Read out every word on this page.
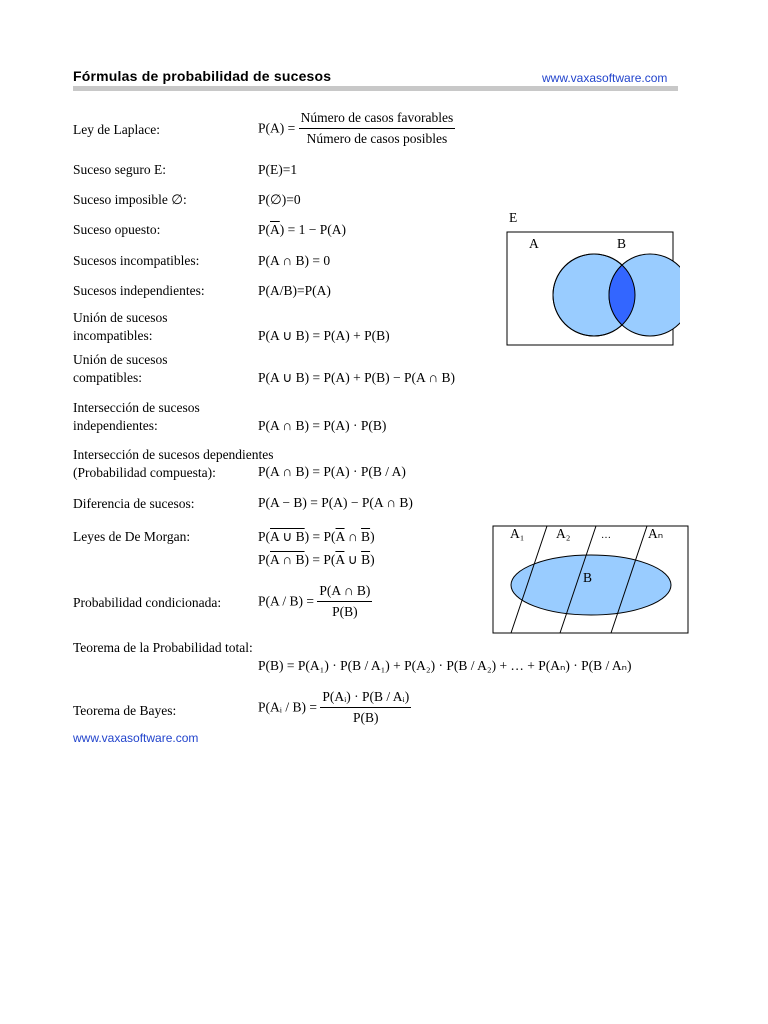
Fórmulas de probabilidad de sucesos	www.vaxasoftware.com
Ley de Laplace:	$P(A) = \frac{\text{Número de casos favorables}}{\text{Número de casos posibles}}$
Suceso seguro E:	P(E)=1
Suceso imposible ∅:	P(∅)=0
Suceso opuesto:	$P(\overline{A}) = 1 - P(A)$
Sucesos incompatibles:	P(A ∩ B) = 0
Sucesos independientes:	P(A/B)=P(A)
Unión de sucesos
incompatibles:	P(A ∪ B) = P(A) + P(B)
Unión de sucesos
compatibles:	P(A ∪ B) = P(A) + P(B) − P(A ∩ B)
Intersección de sucesos
independientes:	P(A ∩ B) = P(A) · P(B)
Intersección de sucesos dependientes
(Probabilidad compuesta):	P(A ∩ B) = P(A) · P(B / A)
Diferencia de sucesos:	P(A − B) = P(A) − P(A ∩ B)
Leyes de De Morgan:	P(A ∪ $B) = P(\overline{A}$ ∩ $\overline{B}$)
P(A ∩ $B) = P(\overline{A}$ ∪ $\overline{B}$)
Probabilidad condicionada:	$P(A / B) = \frac{P(A \cap B)}{P(B)}$
Teorema de la Probabilidad total:
P(B) = P(A₁) · P(B / A₁) + P(A₂) · P(B / A₂) + … + P(Aₙ) · P(B / Aₙ)
Teorema de Bayes:	P(Aᵢ / $B) = \frac{\text{P(Aᵢ) · P(B / Aᵢ)}}{P(B)}$
www.vaxasoftware.com
E
A	B
A₁ A₂	…	Aₙ
B
